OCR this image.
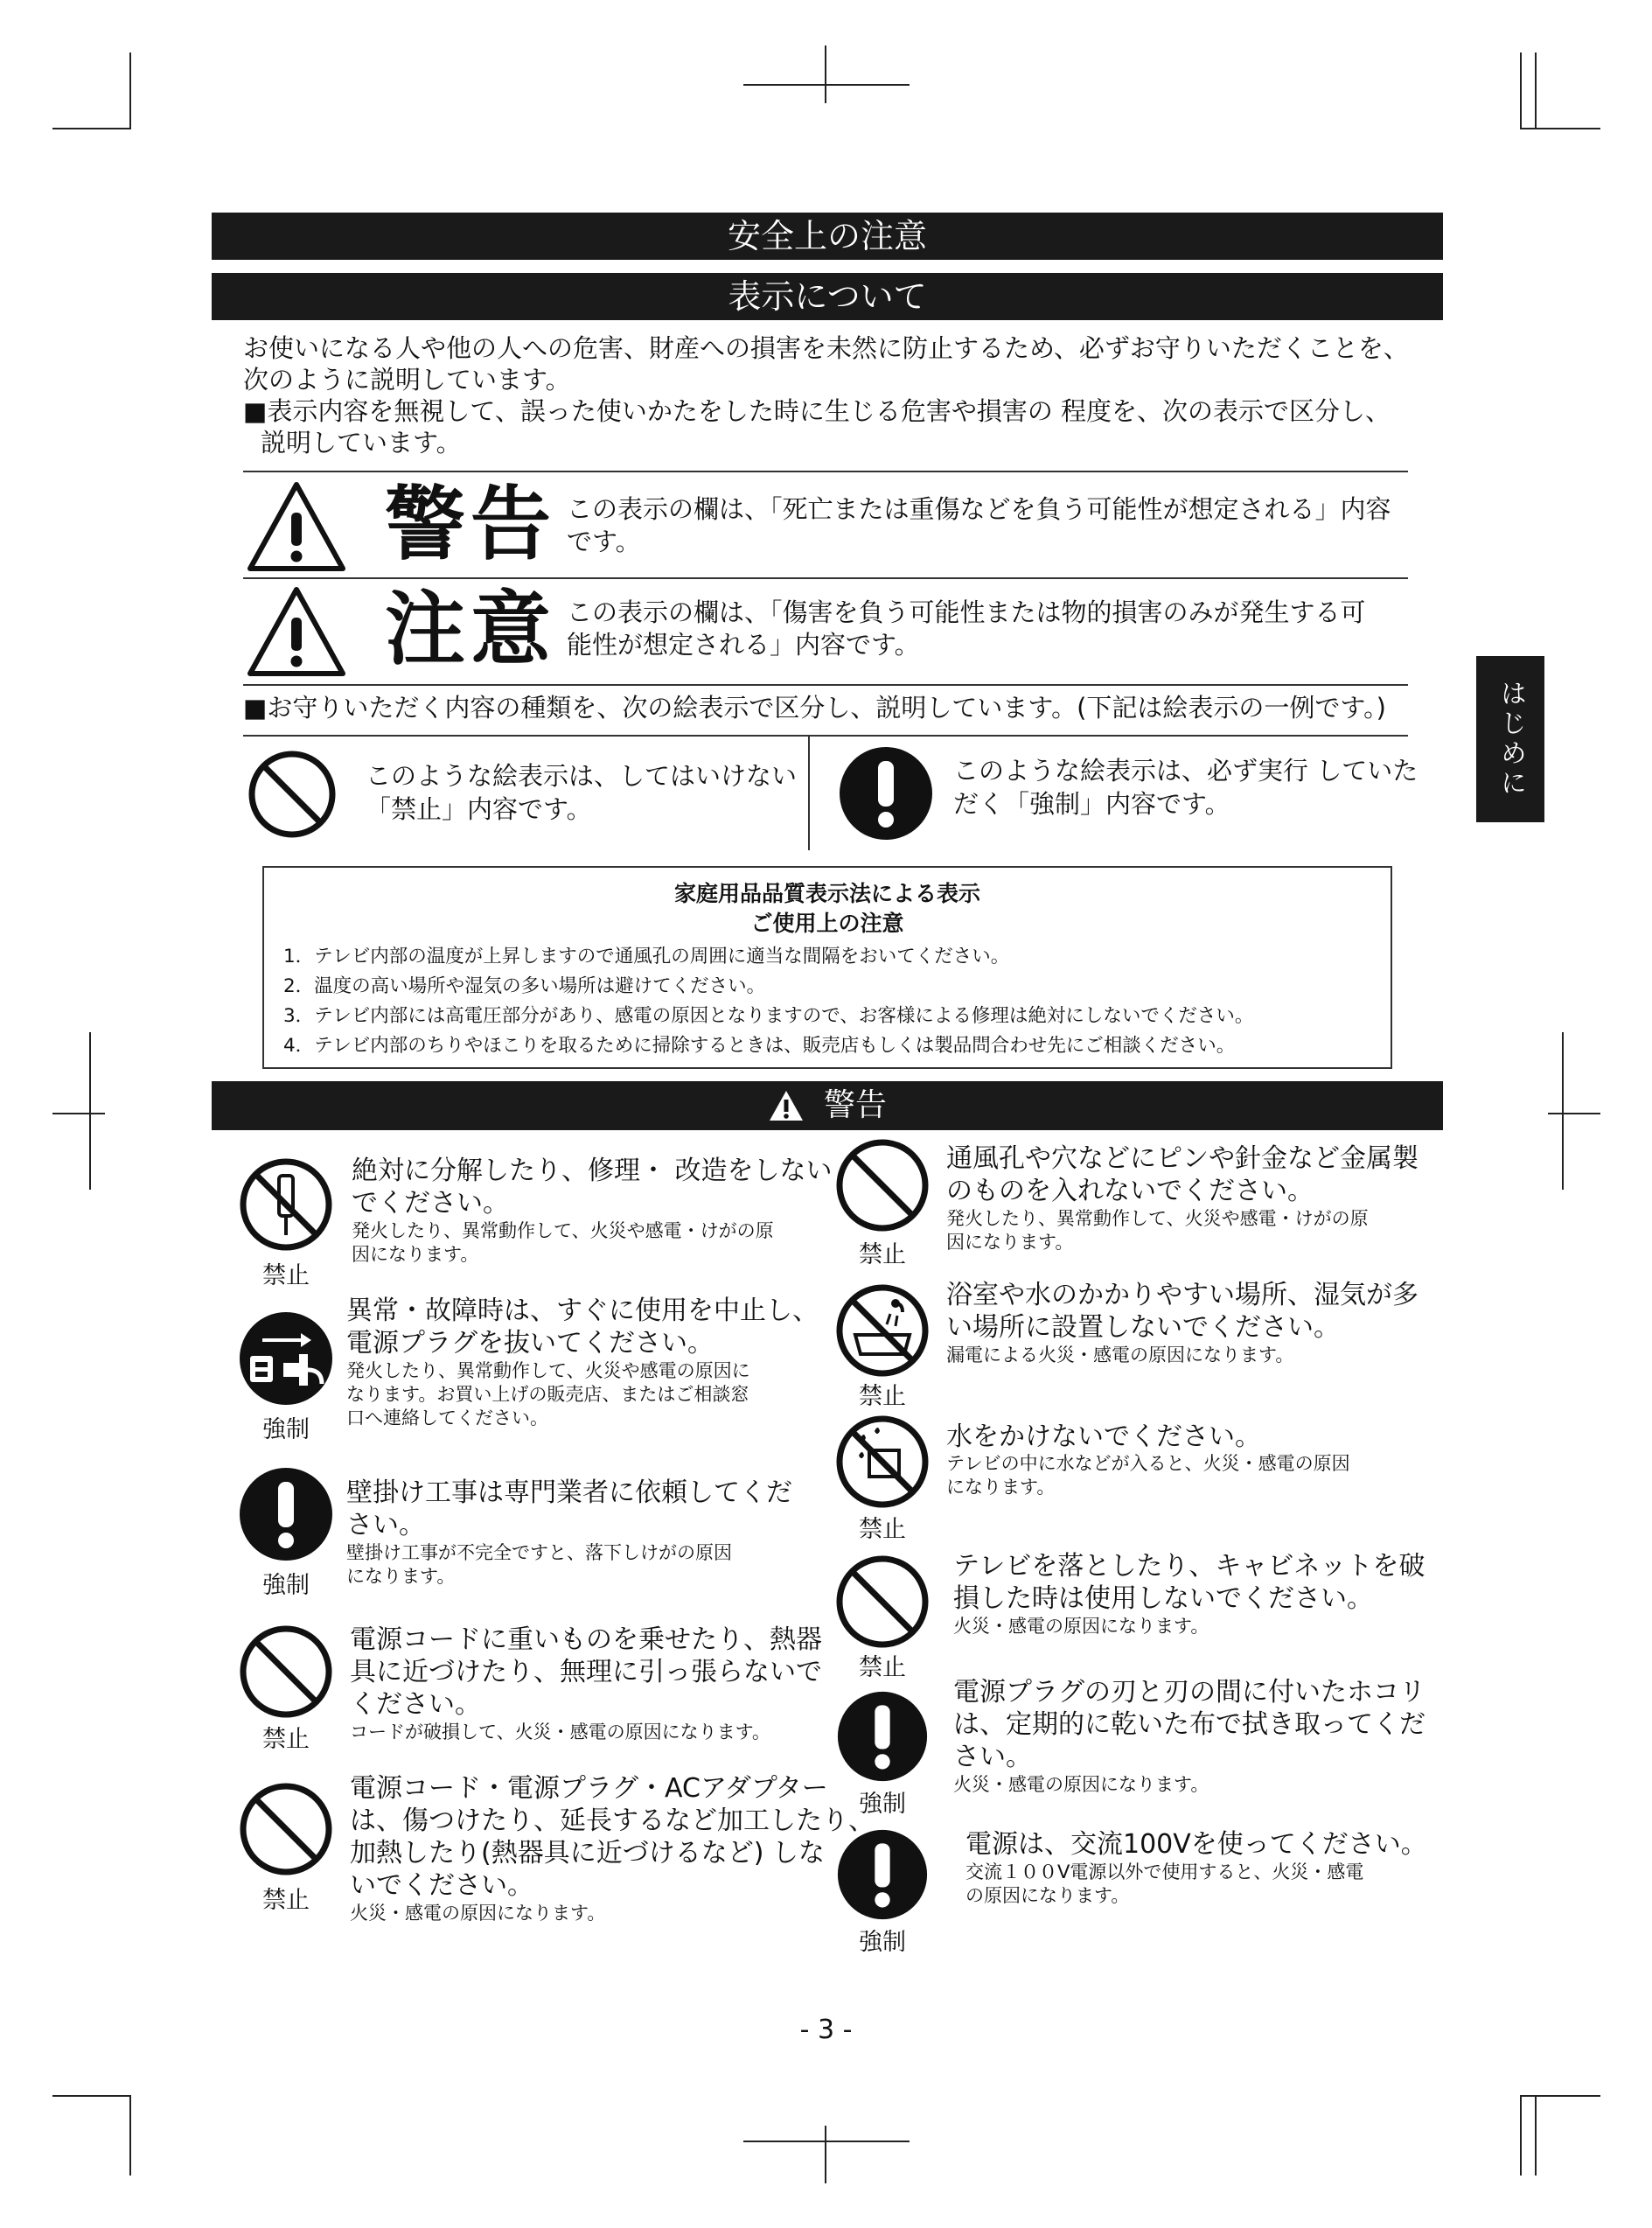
安全上の注意
表示について
はじめに
お使いになる人や他の人への危害、財産への損害を未然に防止するため、必ずお守りいただくことを、
次のように説明しています。
■表示内容を無視して、誤った使いかたをした時に生じる危害や損害の 程度を、次の表示で区分し、
説明しています。
警告 この表示の欄は、「死亡または重傷などを負う可能性が想定される」内容
です。
注意 この表示の欄は、「傷害を負う可能性または物的損害のみが発生する可
能性が想定される」内容です。
■お守りいただく内容の種類を、次の絵表示で区分し、説明しています。(下記は絵表示の一例です。)
このような絵表示は、してはいけない
「禁止」内容です。
このような絵表示は、必ず実行 していた
だく「強制」内容です。
家庭用品品質表示法による表示
ご使用上の注意
1．テレビ内部の温度が上昇しますので通風孔の周囲に適当な間隔をおいてください。
2．温度の高い場所や湿気の多い場所は避けてください。
3．テレビ内部には高電圧部分があり、感電の原因となりますので、お客様による修理は絶対にしないでください。
4．テレビ内部のちりやほこりを取るために掃除するときは、販売店もしくは製品問合わせ先にご相談ください。
警告
禁止
絶対に分解したり、修理・ 改造をしない
でください。
発火したり、異常動作して、火災や感電・けがの原
因になります。
強制
異常・故障時は、すぐに使用を中止し、
電源プラグを抜いてください。
発火したり、異常動作して、火災や感電の原因に
なります。お買い上げの販売店、またはご相談窓
口へ連絡してください。
強制
壁掛け工事は専門業者に依頼してくだ
さい。
壁掛け工事が不完全ですと、落下しけがの原因
になります。
禁止
電源コードに重いものを乗せたり、熱器
具に近づけたり、無理に引っ張らないで
ください。
コードが破損して、火災・感電の原因になります。
禁止
電源コード・電源プラグ・ACアダプター
は、傷つけたり、延長するなど加工したり、
加熱したり(熱器具に近づけるなど) しな
いでください。
火災・感電の原因になります。
禁止
通風孔や穴などにピンや針金など金属製
のものを入れないでください。
発火したり、異常動作して、火災や感電・けがの原
因になります。
禁止
浴室や水のかかりやすい場所、湿気が多
い場所に設置しないでください。
漏電による火災・感電の原因になります。
禁止
水をかけないでください。
テレビの中に水などが入ると、火災・感電の原因
になります。
禁止
テレビを落としたり、キャビネットを破
損した時は使用しないでください。
火災・感電の原因になります。
強制
電源プラグの刃と刃の間に付いたホコリ
は、定期的に乾いた布で拭き取ってくだ
さい。
火災・感電の原因になります。
強制
電源は、交流100Vを使ってください。
交流１００V電源以外で使用すると、火災・感電
の原因になります。
- 3 -
